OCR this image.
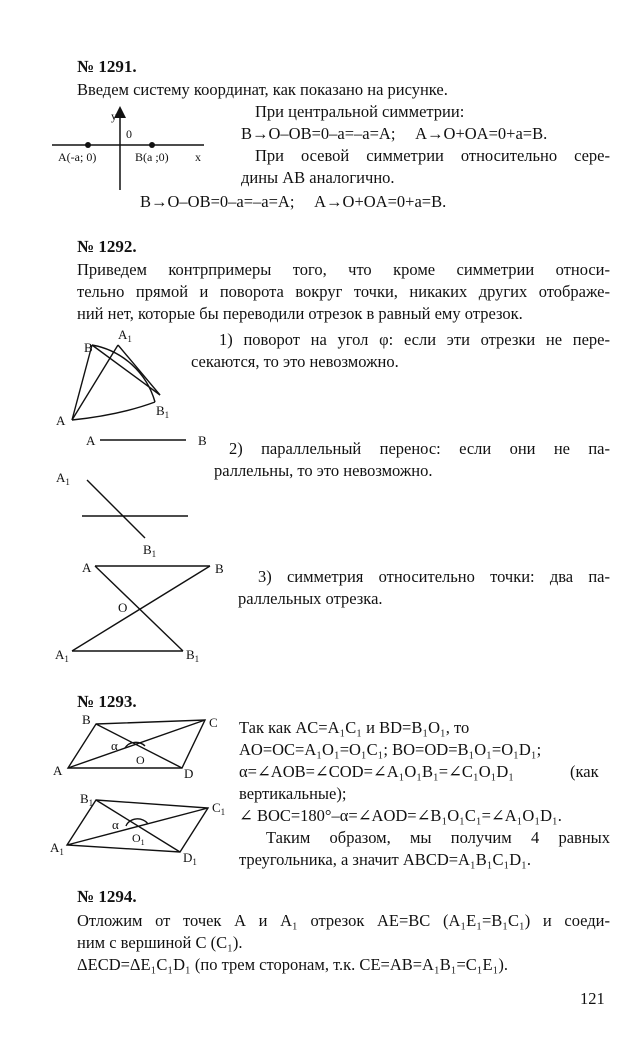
№ 1291.
Введем систему координат, как показано на рисунке.
При центральной симметрии:
B→O–OB=0–a=–a=A;     A→O+OA=0+a=B.
При осевой симметрии относительно сере-
дины АВ аналогично.
B→O–OB=0–a=–a=A;     A→O+OA=0+a=B.
№ 1292.
Приведем контрпримеры того, что кроме симметрии относи-
тельно прямой и поворота вокруг точки, никаких других отображе-
ний нет, которые бы переводили отрезок в равный ему отрезок.
1) поворот на угол φ: если эти отрезки не пере-
секаются, то это невозможно.
2) параллельный перенос: если они не па-
раллельны, то это невозможно.
3) симметрия относительно точки: два па-
раллельных отрезка.
№ 1293.
Так как AC=A₁C₁ и BD=B₁O₁, то
AO=OC=A₁O₁=O₁C₁; BO=OD=B₁O₁=O₁D₁;
α=∠AOB=∠COD=∠A₁O₁B₁=∠C₁O₁D₁	(как
вертикальные);
∠ BOC=180°–α=∠AOD=∠B₁O₁C₁=∠A₁O₁D₁.
Таким образом, мы получим 4 равных
треугольника, а значит ABCD=A₁B₁C₁D₁.
№ 1294.
Отложим от точек А и А₁ отрезок AE=BC (A₁E₁=B₁C₁) и соеди-
ним с вершиной С (С₁).
ΔECD=ΔE₁C₁D₁ (по трем сторонам, т.к. CE=AB=A₁B₁=C₁E₁).
121
y
0
A(-a; 0)	B(a ;0) x
$A_1$
B
A
$B_1$
A	B
$A_1$
$B_1$
A	B
O
$A_1$	$B_1$
B	C
A	D
O
α
$B_1$	$C_1$
$A_1$	$D_1$
$O_1$
α
